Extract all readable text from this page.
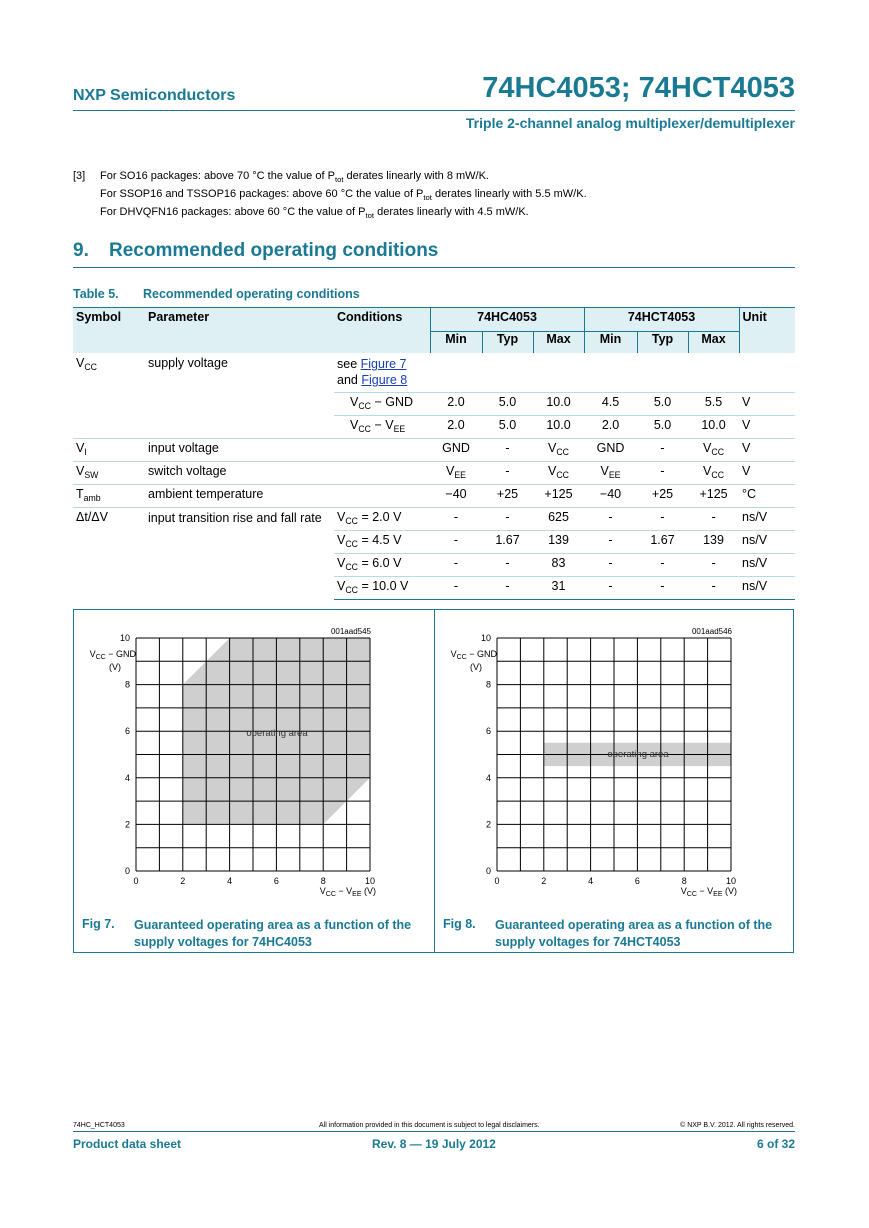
NXP Semiconductors	74HC4053; 74HCT4053
Triple 2-channel analog multiplexer/demultiplexer
[3] For SO16 packages: above 70 °C the value of $P_{tot}$ derates linearly with 8 mW/K.
For SSOP16 and TSSOP16 packages: above 60 °C the value of $P_{tot}$ derates linearly with 5.5 mW/K.
For DHVQFN16 packages: above 60 °C the value of $P_{tot}$ derates linearly with 4.5 mW/K.
9. Recommended operating conditions
Table 5. Recommended operating conditions
Symbol	Parameter	Conditions	74HC4053			74HCT4053			Unit
			Min	Typ	Max	Min	Typ	Max	
$V_{CC}$	supply voltage	see Figure 7
and Figure 8							
		$V_{CC}$ − GND	2.0	5.0	10.0	4.5	5.0	5.5	V
		$V_{CC} - V_{EE}$	2.0	5.0	10.0	2.0	5.0	10.0	V
$V_I$	input voltage		GND	-	$V_{CC}$	GND	-	$V_{CC}$	V
$V_{SW}$	switch voltage		$V_{EE}$	-	$V_{CC}$	$V_{EE}$	-	$V_{CC}$	V
$T_{amb}$	ambient temperature		−40	+25	+125	−40	+25	+125	°C
Δt/ΔV	input transition rise and fall rate	$V_{CC} = 2.0$ V	-	-	625	-	-	-	ns/V
		$V_{CC} = 4.5$ V	-	1.67	139	-	1.67	139	ns/V
		$V_{CC} = 6.0$ V	-	-	83	-	-	-	ns/V
		$V_{CC} = 10.0$ V	-	-	31	-	-	-	ns/V
0	2	4	6	8	10
0
2
4
6
8
10
001aad545
operating area
$V_{CC}$ − GND
(V)
$V_{CC} - V_{EE}$ (V)
0	2	4	6	8	10
0
2
4
6
8
10
001aad546
operating area
$V_{CC}$ − GND
(V)
$V_{CC} - V_{EE}$ (V)
Fig 7. Guaranteed operating area as a function of the supply voltages for 74HC4053
Fig 8. Guaranteed operating area as a function of the supply voltages for 74HCT4053
74HC_HCT4053	All information provided in this document is subject to legal disclaimers.	© NXP B.V. 2012. All rights reserved.
Product data sheet	Rev. 8 — 19 July 2012	6 of 32
